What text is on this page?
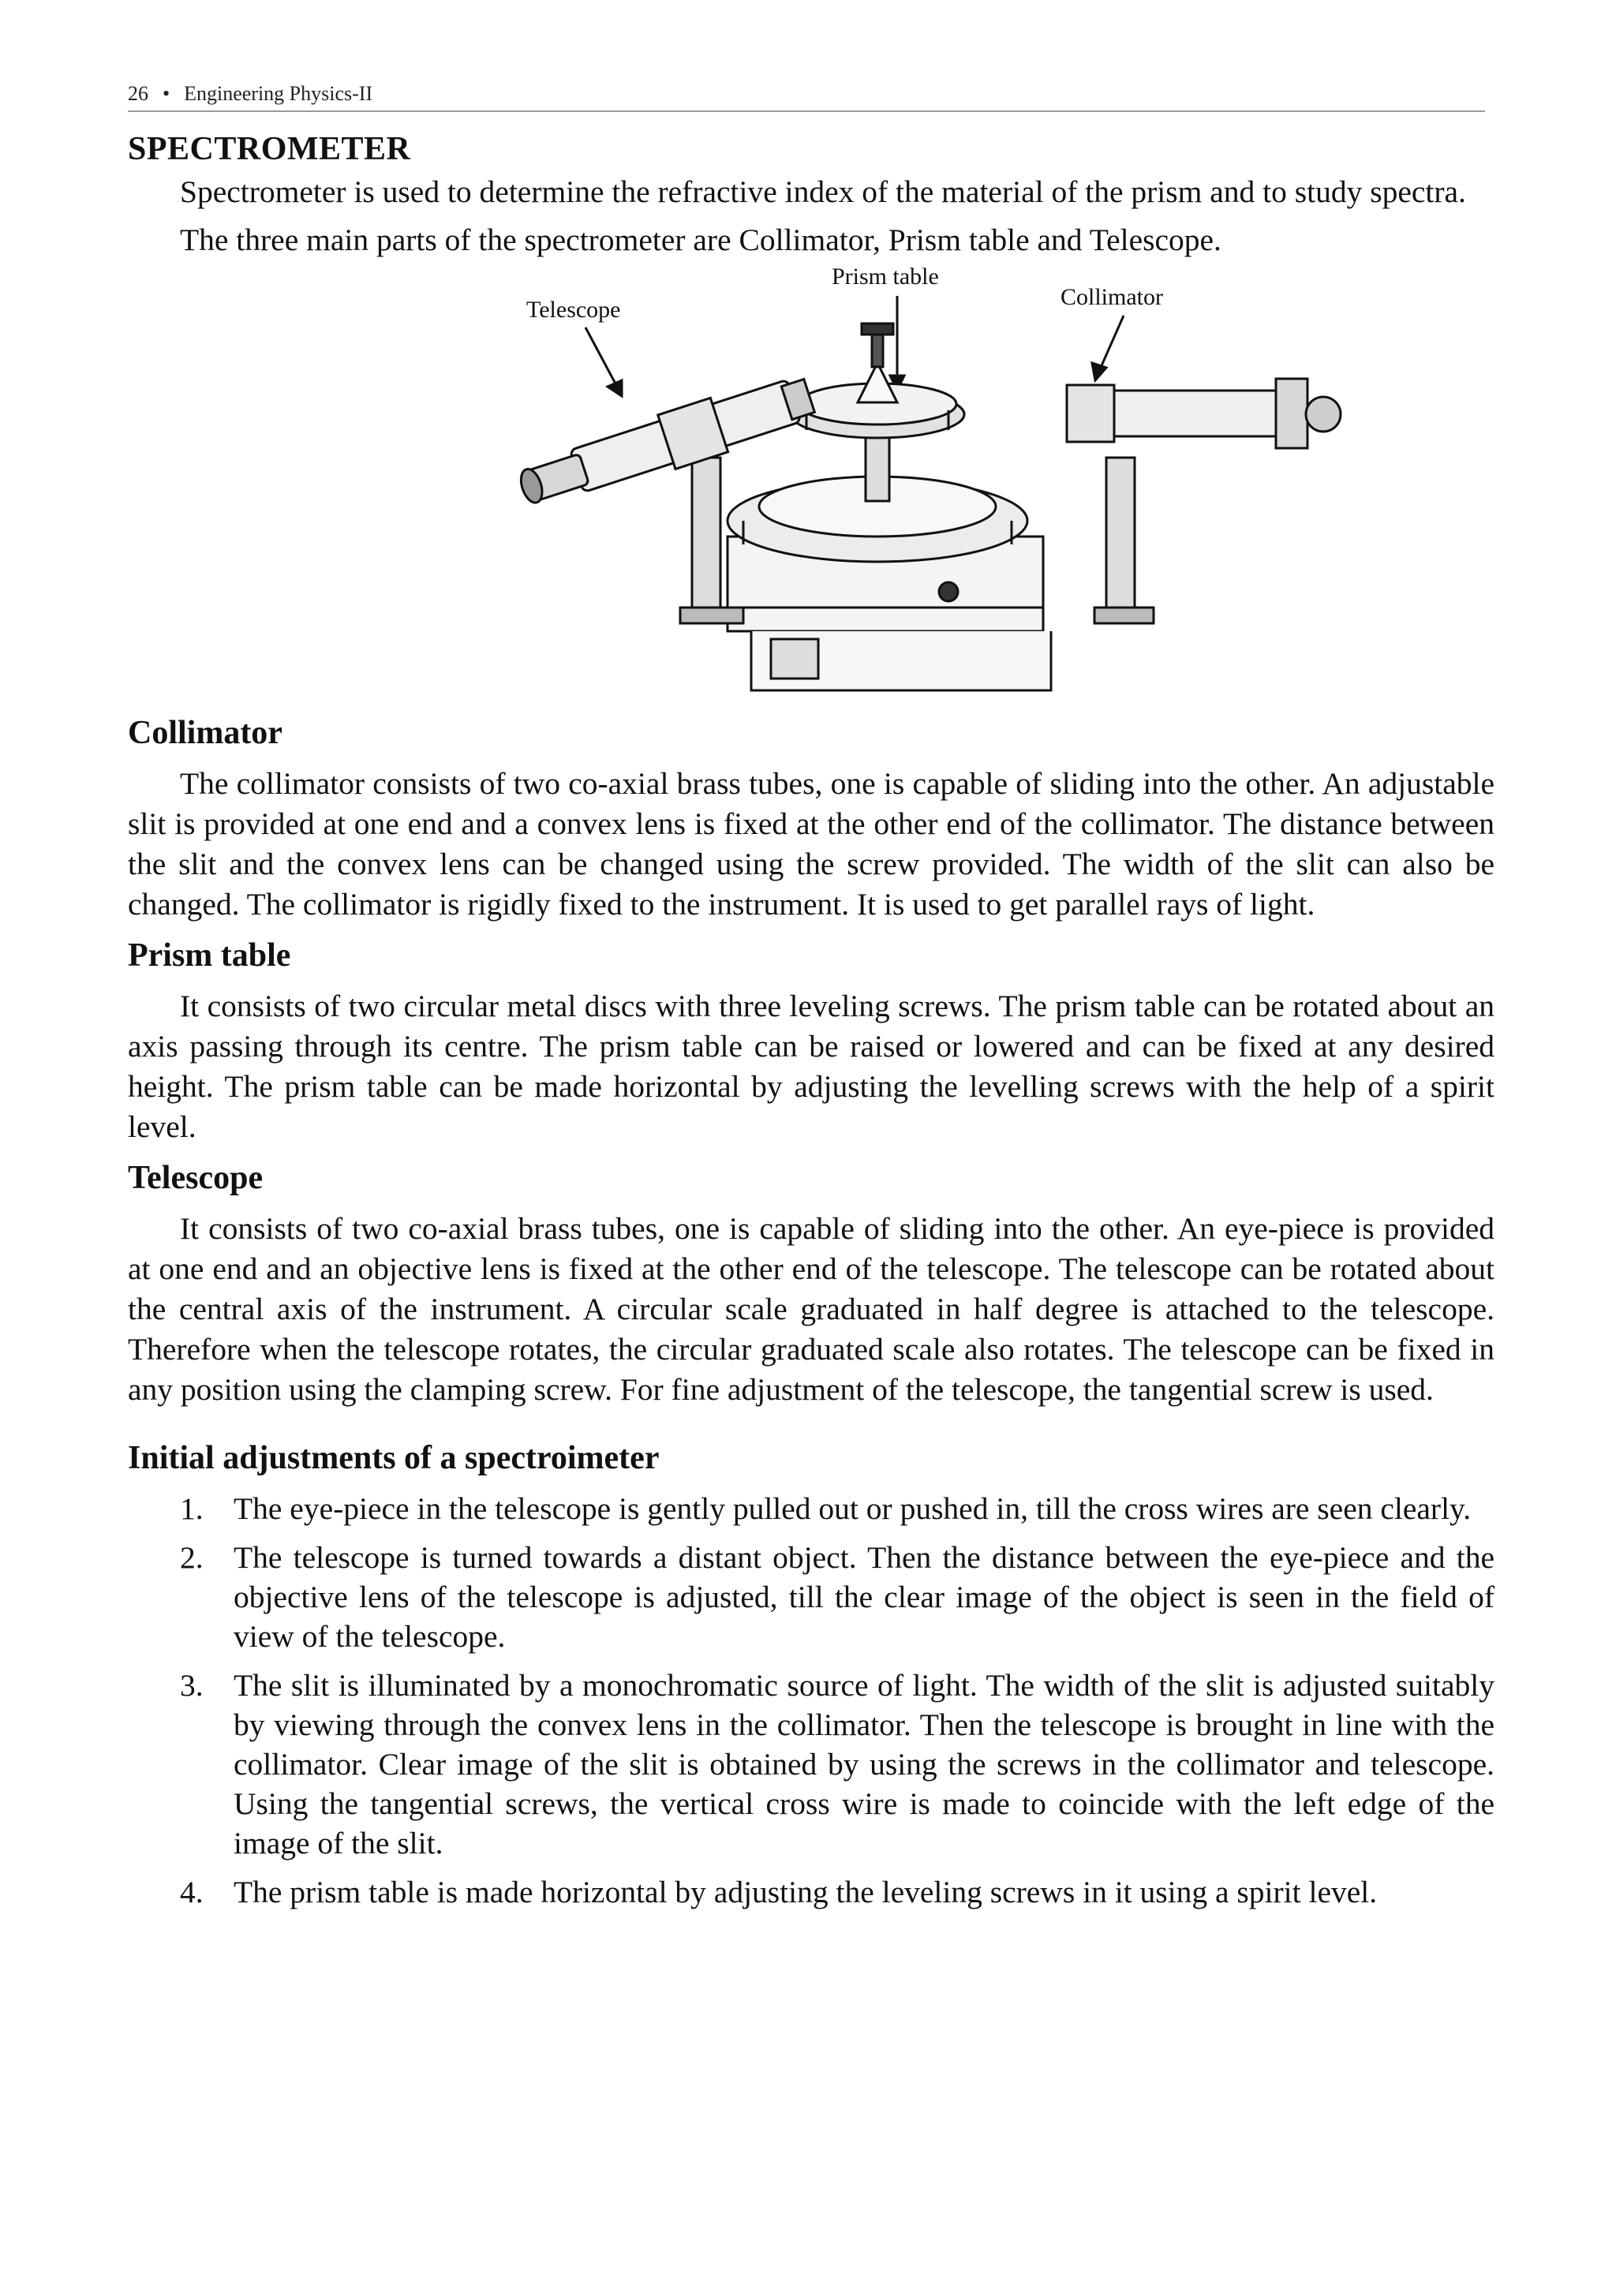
26 • Engineering Physics-II
SPECTROMETER

Spectrometer is used to determine the refractive index of the material of the prism and to study spectra.

The three main parts of the spectrometer are Collimator, Prism table and Telescope.

Telescope
Prism table
Collimator
Collimator

The collimator consists of two co-axial brass tubes, one is capable of sliding into the other. An adjustable slit is provided at one end and a convex lens is fixed at the other end of the collimator. The distance between the slit and the convex lens can be changed using the screw provided. The width of the slit can also be changed. The collimator is rigidly fixed to the instrument. It is used to get parallel rays of light.

Prism table

It consists of two circular metal discs with three leveling screws. The prism table can be rotated about an axis passing through its centre. The prism table can be raised or lowered and can be fixed at any desired height. The prism table can be made horizontal by adjusting the levelling screws with the help of a spirit level.

Telescope

It consists of two co-axial brass tubes, one is capable of sliding into the other. An eye-piece is provided at one end and an objective lens is fixed at the other end of the telescope. The telescope can be rotated about the central axis of the instrument. A circular scale graduated in half degree is attached to the telescope. Therefore when the telescope rotates, the circular graduated scale also rotates. The telescope can be fixed in any position using the clamping screw. For fine adjustment of the telescope, the tangential screw is used.

Initial adjustments of a spectroimeter
1. The eye-piece in the telescope is gently pulled out or pushed in, till the cross wires are seen clearly.
2. The telescope is turned towards a distant object. Then the distance between the eye-piece and the objective lens of the telescope is adjusted, till the clear image of the object is seen in the field of view of the telescope.
3. The slit is illuminated by a monochromatic source of light. The width of the slit is adjusted suitably by viewing through the convex lens in the collimator. Then the telescope is brought in line with the collimator. Clear image of the slit is obtained by using the screws in the collimator and telescope. Using the tangential screws, the vertical cross wire is made to coincide with the left edge of the image of the slit.
4. The prism table is made horizontal by adjusting the leveling screws in it using a spirit level.
